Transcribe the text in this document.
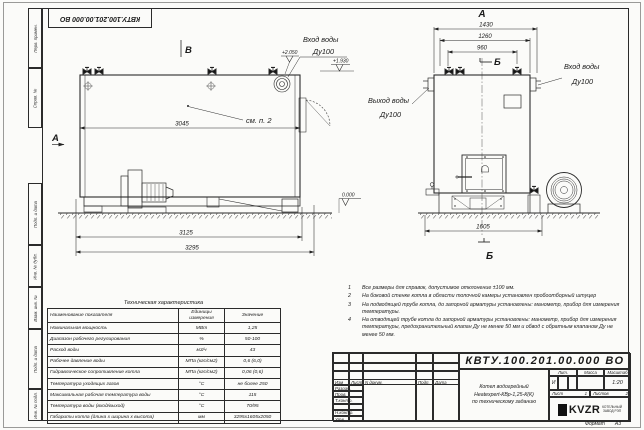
Перв. примен.
Справ. №
Подп. и дата
Инв. № дубл.
Взам. инв. №
Подп. и дата
Инв. № подл.
КВТУ.100.201.00.000 ВО
3045
3125
3295
см. п. 2
А
В	+2.050
+1.930
0.000
Вход воды
Ду100
1430
1260
960
1605
А
Б
Б
Выход воды
Ду100
Вход воды
Ду100
1	Все размеры для справок, допустимое отклонение ±100 мм.
2	На боковой стенке котла в области топочной камеры установлен пробоотборный штуцер
3	На подводящей трубе котла, до запорной арматуры установлены: манометр, прибор для измерения температуры.
4	На отводящей трубе котла до запорной арматуры установлены: манометр, прибор для измерения температуры, предохранительный клапан Ду не менее 50 мм и обвод с обратным клапаном Ду не менее 50 мм.
Техническая характеристика
Наименование показателя	Единицы измерения	Значение
Номинальная мощность	МВт	1,25
Диапазон рабочего регулирования	%	50-100
Расход воды	м3/ч	43
Рабочее давление воды	МПа (кгс/см2)	0,6 (6,0)
Гидравлическое сопротивление котла	МПа (кгс/см2)	0,06 (0,6)
Температура уходящих газов	°С	не более 250
Максимальная рабочая температура воды	°С	115
Температура воды (вход/выход)	°С	70/95
Габариты котла (длина х ширина х высота)	мм	3295х1605х2050
Изм	Лист N докум.	Подп.	Дата
Разраб.
Пров.
Т.контр.
Н.контр.
Утв.
КВТУ.100.201.00.000 ВО
Котел водогрейный
Heatexpert-КВр-1,25-К(К)
по техническому заданию
Лит.	Масса	Масштаб
И	1:20
Лист	1 Листов	2
KVZR КОТЕЛЬНЫЙ
ЗАВОД РЭП
Формат А3
